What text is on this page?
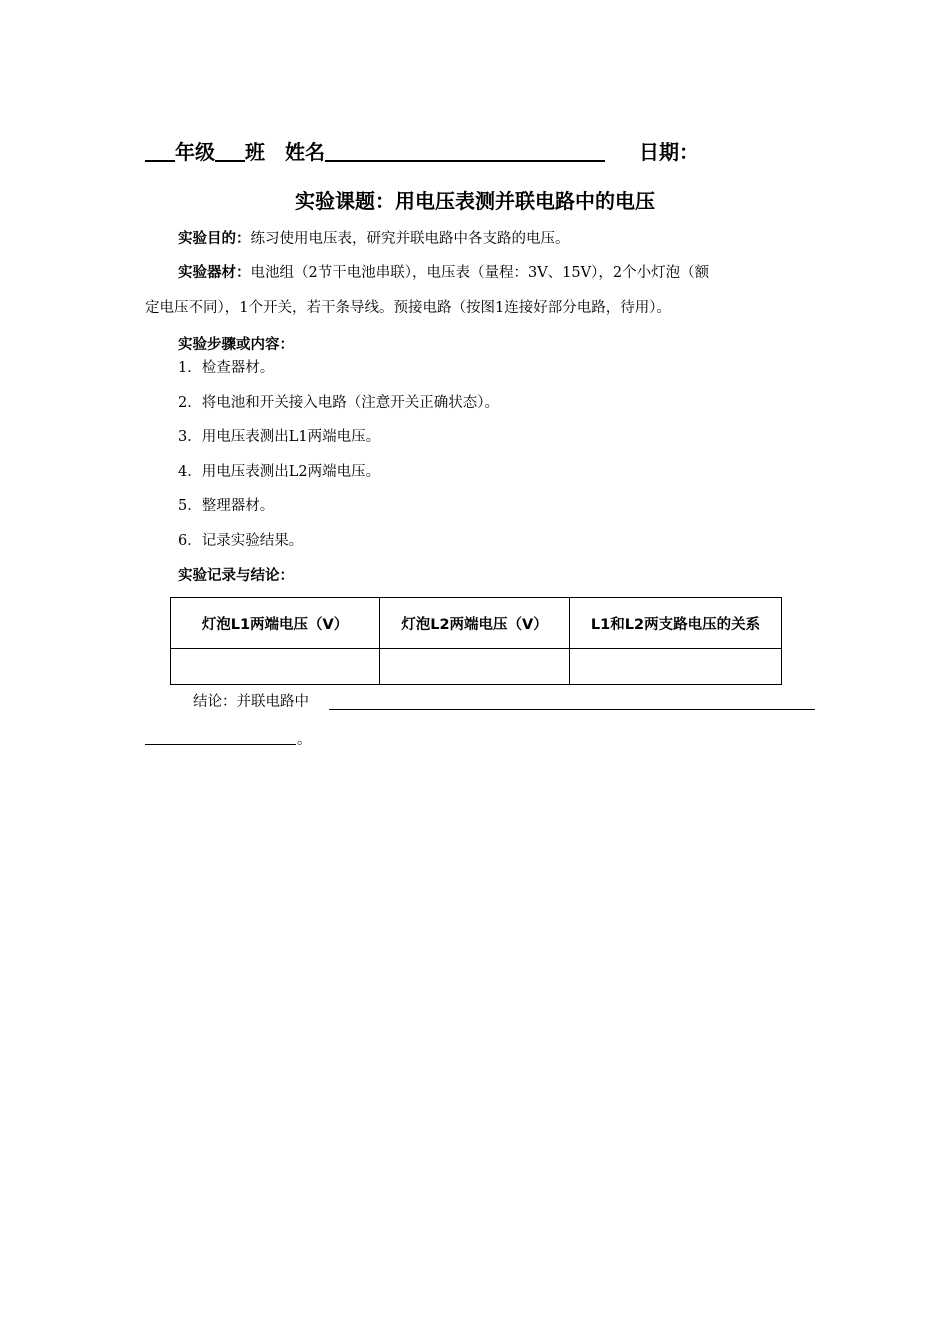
年级 班 姓名	日期：
实验课题：用电压表测并联电路中的电压
实验目的：练习使用电压表，研究并联电路中各支路的电压。
实验器材：电池组（2节干电池串联），电压表（量程：3V、15V），2个小灯泡（额
定电压不同），1个开关，若干条导线。预接电路（按图1连接好部分电路，待用）。
实验步骤或内容：
1．检查器材。
2．将电池和开关接入电路（注意开关正确状态）。
3．用电压表测出L1两端电压。
4．用电压表测出L2两端电压。
5．整理器材。
6．记录实验结果。
实验记录与结论：
灯泡L1两端电压（V）	灯泡L2两端电压（V）	L1和L2两支路电压的关系

结论：并联电路中
。
